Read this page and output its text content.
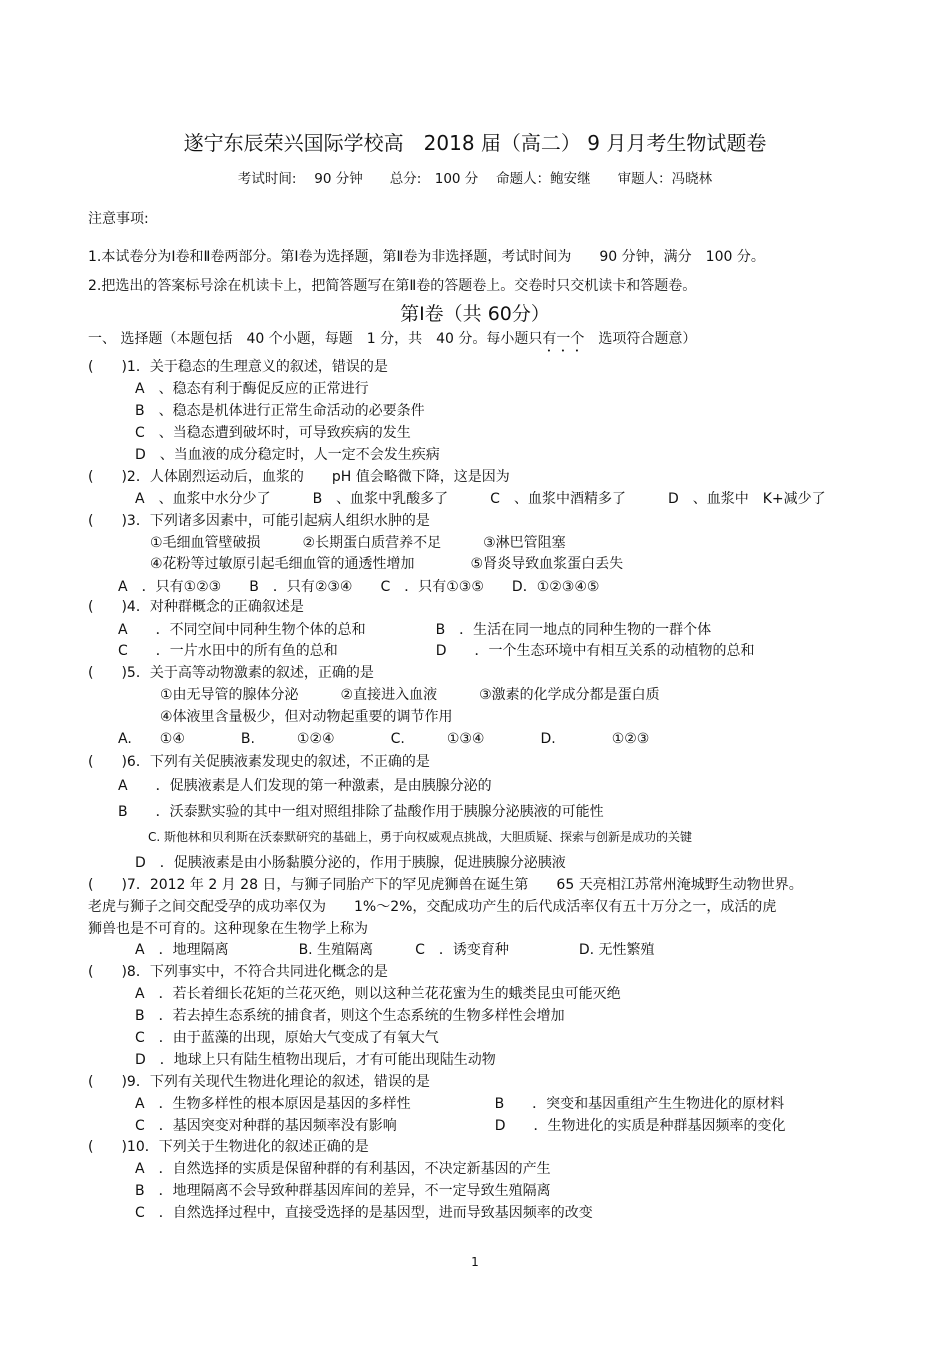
遂宁东辰荣兴国际学校高　2018 届（高二） 9 月月考生物试题卷
考试时间:　 90 分钟　　总分:　100 分　 命题人：鲍安继　　审题人：冯晓林
注意事项:
1.本试卷分为Ⅰ卷和Ⅱ卷两部分。第Ⅰ卷为选择题，第Ⅱ卷为非选择题，考试时间为　　90 分钟，满分　100 分。
2.把选出的答案标号涂在机读卡上，把简答题写在第Ⅱ卷的答题卷上。交卷时只交机读卡和答题卷。
第Ⅰ卷（共 60分）
一、 选择题（本题包括　40 个小题，每题　1 分，共　40 分。每小题只有一个　选项符合题意）
(　　)1．关于稳态的生理意义的叙述，错误的是
A　、稳态有利于酶促反应的正常进行
B　、稳态是机体进行正常生命活动的必要条件
C　、当稳态遭到破坏时，可导致疾病的发生
D　、当血液的成分稳定时，人一定不会发生疾病
(　　)2．人体剧烈运动后，血浆的　　pH 值会略微下降，这是因为
A　、血浆中水分少了　　　B　、血浆中乳酸多了　　　C　、血浆中酒精多了　　　D　、血浆中　K+减少了
(　　)3．下列诸多因素中，可能引起病人组织水肿的是
①毛细血管壁破损　　　②长期蛋白质营养不足　　　③淋巴管阻塞
④花粉等过敏原引起毛细血管的通透性增加　　　　⑤肾炎导致血浆蛋白丢失
A　．只有①②③　　B　．只有②③④　　C　．只有①③⑤　　D．①②③④⑤
(　　)4．对种群概念的正确叙述是
A　　．不同空间中同种生物个体的总和　　　　　B　．生活在同一地点的同种生物的一群个体
C　　．一片水田中的所有鱼的总和　　　　　　　D　　．一个生态环境中有相互关系的动植物的总和
(　　)5．关于高等动物激素的叙述，正确的是
①由无导管的腺体分泌　　　②直接进入血液　　　③激素的化学成分都是蛋白质
④体液里含量极少，但对动物起重要的调节作用
A.　　①④　　　　B.　　　①②④　　　　C.　　　①③④　　　　D.　　　　①②③
(　　)6．下列有关促胰液素发现史的叙述，不正确的是
A　　．促胰液素是人们发现的第一种激素，是由胰腺分泌的
B　　．沃泰默实验的其中一组对照组排除了盐酸作用于胰腺分泌胰液的可能性
C. 斯他林和贝利斯在沃泰默研究的基础上，勇于向权威观点挑战，大胆质疑、探索与创新是成功的关键
D　．促胰液素是由小肠黏膜分泌的，作用于胰腺，促进胰腺分泌胰液
(　　)7．2012 年 2 月 28 日，与狮子同胎产下的罕见虎狮兽在诞生第　　65 天亮相江苏常州淹城野生动物世界。
老虎与狮子之间交配受孕的成功率仅为　　1%～2%，交配成功产生的后代成活率仅有五十万分之一，成活的虎
狮兽也是不可育的。这种现象在生物学上称为
A　．地理隔离　　　　　B. 生殖隔离　　　C　．诱变育种　　　　　D. 无性繁殖
(　　)8．下列事实中，不符合共同进化概念的是
A　．若长着细长花矩的兰花灭绝，则以这种兰花花蜜为生的蛾类昆虫可能灭绝
B　．若去掉生态系统的捕食者，则这个生态系统的生物多样性会增加
C　．由于蓝藻的出现，原始大气变成了有氧大气
D　．地球上只有陆生植物出现后，才有可能出现陆生动物
(　　)9．下列有关现代生物进化理论的叙述，错误的是
A　．生物多样性的根本原因是基因的多样性　　　　　　B　　．突变和基因重组产生生物进化的原材料
C　．基因突变对种群的基因频率没有影响　　　　　　　D　　．生物进化的实质是种群基因频率的变化
(　　)10．下列关于生物进化的叙述正确的是
A　．自然选择的实质是保留种群的有利基因，不决定新基因的产生
B　．地理隔离不会导致种群基因库间的差异，不一定导致生殖隔离
C　．自然选择过程中，直接受选择的是基因型，进而导致基因频率的改变
1
